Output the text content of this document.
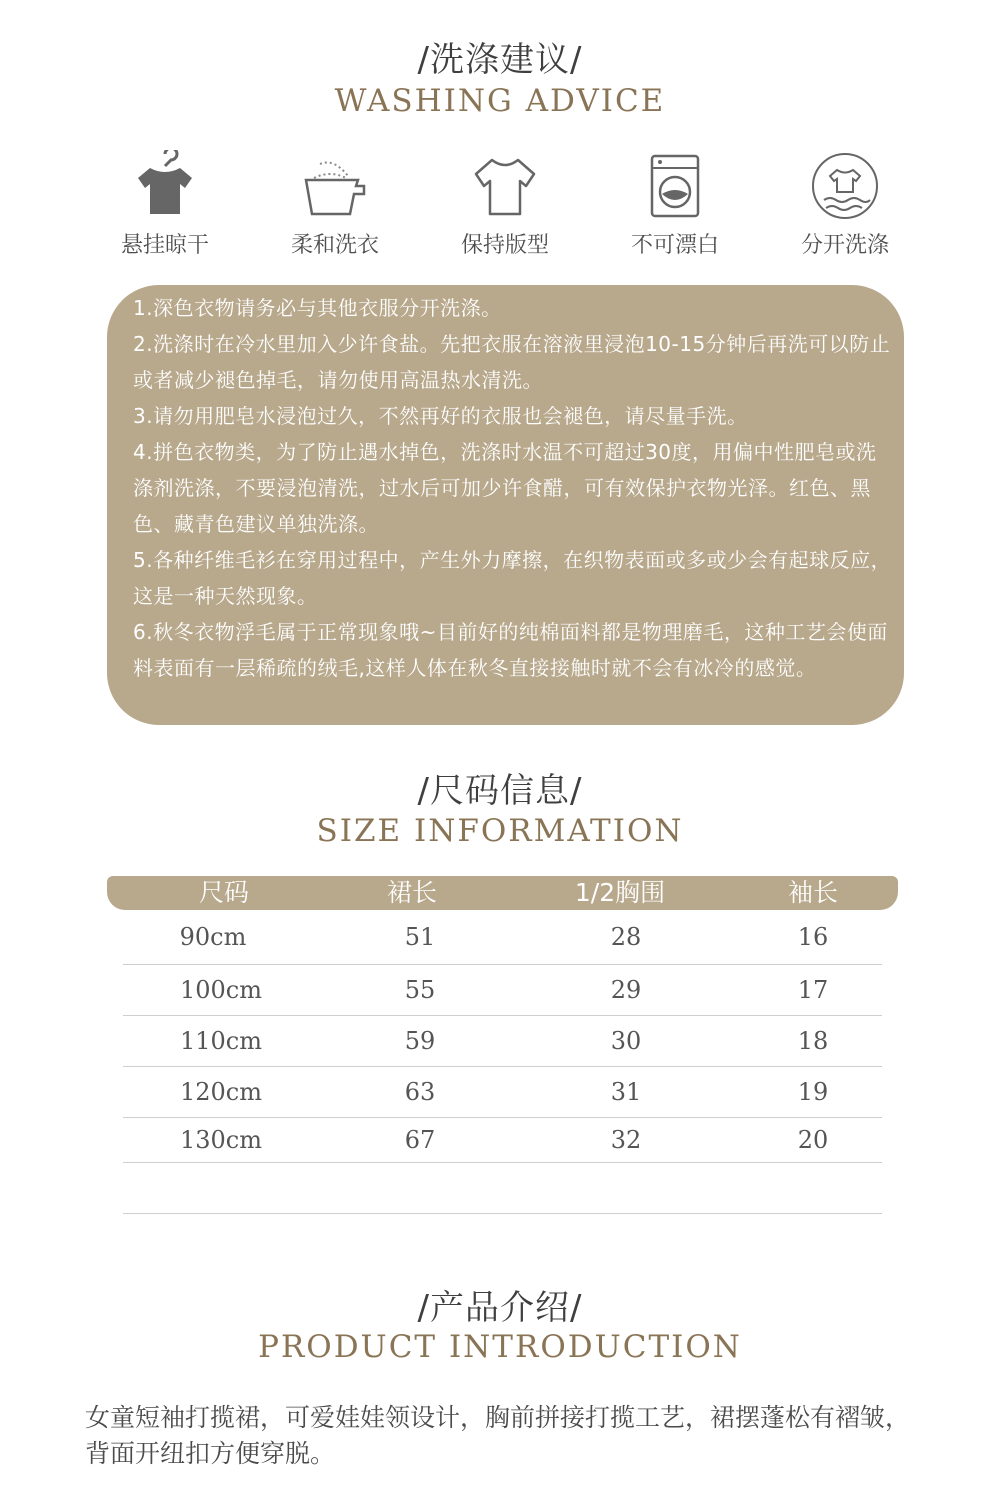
/洗涤建议/
WASHING ADVICE
悬挂晾干	柔和洗衣	保持版型	不可漂白	分开洗涤
1.深色衣物请务必与其他衣服分开洗涤。
2.洗涤时在冷水里加入少许食盐。先把衣服在溶液里浸泡10-15分钟后再洗可以防止或者减少褪色掉毛，请勿使用高温热水清洗。
3.请勿用肥皂水浸泡过久，不然再好的衣服也会褪色，请尽量手洗。
4.拼色衣物类，为了防止遇水掉色，洗涤时水温不可超过30度，用偏中性肥皂或洗涤剂洗涤，不要浸泡清洗，过水后可加少许食醋，可有效保护衣物光泽。红色、黑色、藏青色建议单独洗涤。
5.各种纤维毛衫在穿用过程中，产生外力摩擦，在织物表面或多或少会有起球反应，这是一种天然现象。
6.秋冬衣物浮毛属于正常现象哦~目前好的纯棉面料都是物理磨毛，这种工艺会使面料表面有一层稀疏的绒毛,这样人体在秋冬直接接触时就不会有冰冷的感觉。
/尺码信息/
SIZE INFORMATION
尺码	裙长	1/2胸围	袖长
90cm	51	28	16
100cm	55	29	17
110cm	59	30	18
120cm	63	31	19
130cm	67	32	20
/产品介绍/
PRODUCT INTRODUCTION
女童短袖打揽裙，可爱娃娃领设计，胸前拼接打揽工艺，裙摆蓬松有褶皱，背面开纽扣方便穿脱。
